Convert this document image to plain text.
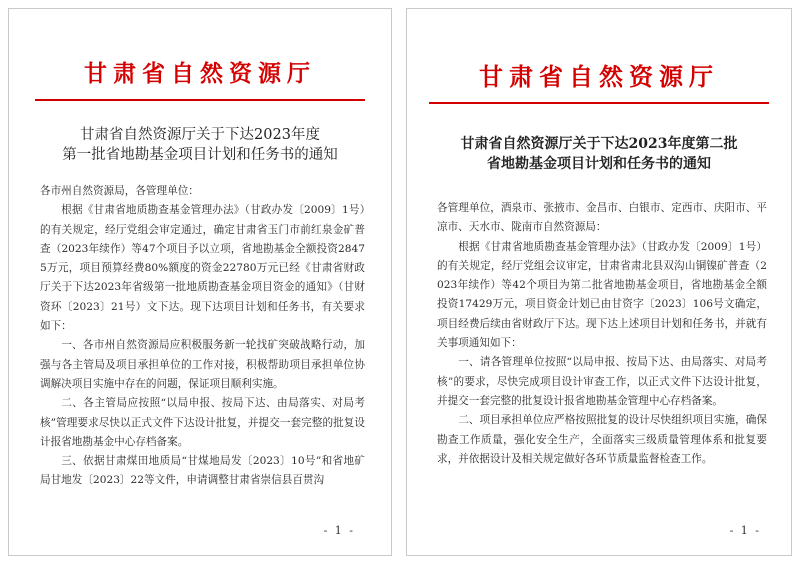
甘肃省自然资源厅
甘肃省自然资源厅关于下达2023年度
第一批省地勘基金项目计划和任务书的通知

各市州自然资源局，各管理单位：

根据《甘肃省地质勘查基金管理办法》（甘政办发〔2009〕1号）的有关规定，经厅党组会审定通过，确定甘肃省玉门市前红泉金矿普查（2023年续作）等47个项目予以立项，省地勘基金全额投资28475万元，项目预算经费80%额度的资金22780万元已经《甘肃省财政厅关于下达2023年省级第一批地质勘查基金项目资金的通知》（甘财资环〔2023〕21号）文下达。现下达项目计划和任务书，有关要求如下：

一、各市州自然资源局应积极服务新一轮找矿突破战略行动，加强与各主管局及项目承担单位的工作对接，积极帮助项目承担单位协调解决项目实施中存在的问题，保证项目顺利实施。

二、各主管局应按照“以局申报、按局下达、由局落实、对局考核”管理要求尽快以正式文件下达设计批复，并提交一套完整的批复设计报省地勘基金中心存档备案。

三、依据甘肃煤田地质局“甘煤地局发〔2023〕10号”和省地矿局甘地发〔2023〕22等文件，申请调整甘肃省崇信县百贯沟

- 1 -
甘肃省自然资源厅
甘肃省自然资源厅关于下达2023年度第二批
省地勘基金项目计划和任务书的通知

各管理单位，酒泉市、张掖市、金昌市、白银市、定西市、庆阳市、平凉市、天水市、陇南市自然资源局：

根据《甘肃省地质勘查基金管理办法》（甘政办发〔2009〕1号）的有关规定，经厅党组会议审定，甘肃省肃北县双沟山铜镍矿普查（2023年续作）等42个项目为第二批省地勘基金项目，省地勘基金全额投资17429万元，项目资金计划已由甘资字〔2023〕106号文确定，项目经费后续由省财政厅下达。现下达上述项目计划和任务书，并就有关事项通知如下：

一、请各管理单位按照“以局申报、按局下达、由局落实、对局考核”的要求，尽快完成项目设计审查工作，以正式文件下达设计批复，并提交一套完整的批复设计报省地勘基金管理中心存档备案。

二、项目承担单位应严格按照批复的设计尽快组织项目实施，确保勘查工作质量，强化安全生产，全面落实三级质量管理体系和批复要求，并依据设计及相关规定做好各环节质量监督检查工作。

- 1 -
